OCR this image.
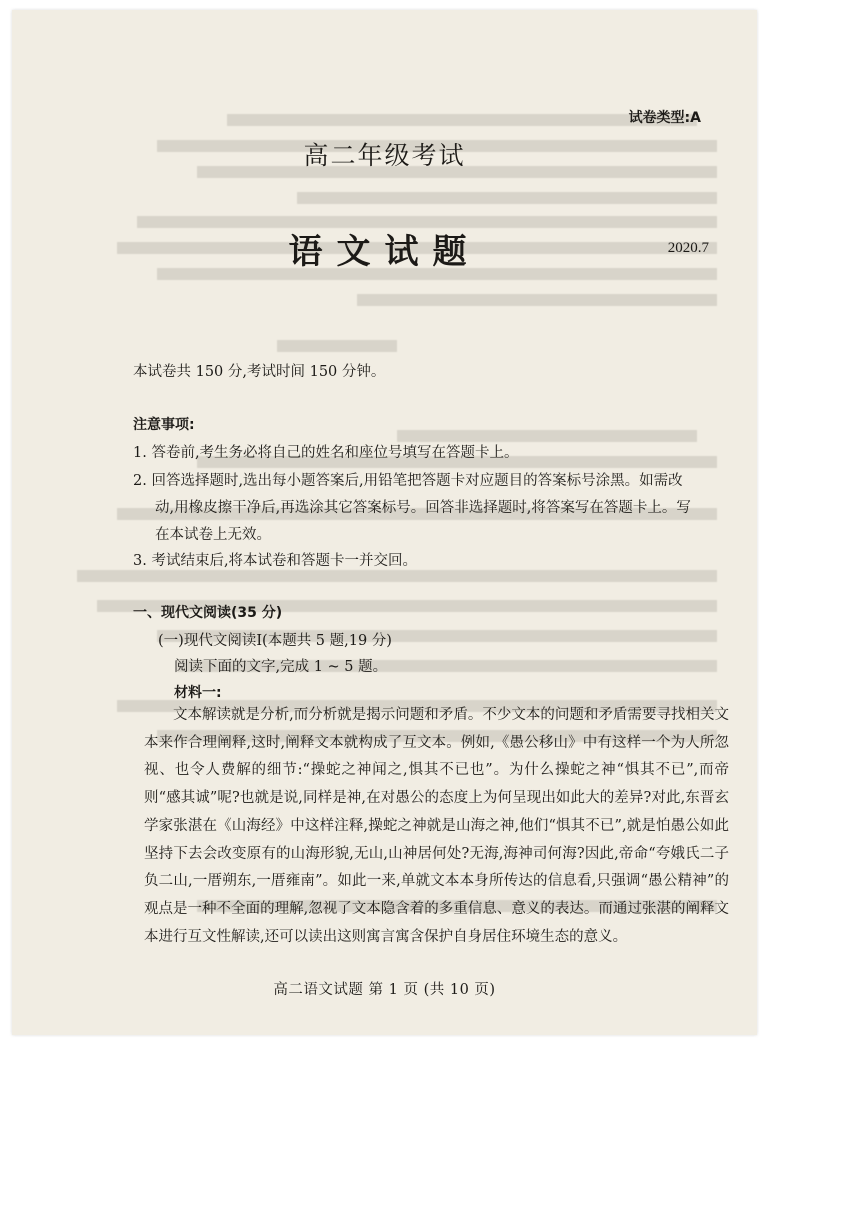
试卷类型:A
高二年级考试
语文试题	2020.7
本试卷共 150 分,考试时间 150 分钟。
注意事项:
1. 答卷前,考生务必将自己的姓名和座位号填写在答题卡上。
2. 回答选择题时,选出每小题答案后,用铅笔把答题卡对应题目的答案标号涂黑。如需改
动,用橡皮擦干净后,再选涂其它答案标号。回答非选择题时,将答案写在答题卡上。写
在本试卷上无效。
3. 考试结束后,将本试卷和答题卡一并交回。
一、现代文阅读(35 分)
(一)现代文阅读Ⅰ(本题共 5 题,19 分)
阅读下面的文字,完成 1 ~ 5 题。
材料一:
文本解读就是分析,而分析就是揭示问题和矛盾。不少文本的问题和矛盾需要寻找相关文本来作合理阐释,这时,阐释文本就构成了互文本。例如,《愚公移山》中有这样一个为人所忽视、也令人费解的细节:“操蛇之神闻之,惧其不已也”。为什么操蛇之神“惧其不已”,而帝则“感其诚”呢?也就是说,同样是神,在对愚公的态度上为何呈现出如此大的差异?对此,东晋玄学家张湛在《山海经》中这样注释,操蛇之神就是山海之神,他们“惧其不已”,就是怕愚公如此坚持下去会改变原有的山海形貌,无山,山神居何处?无海,海神司何海?因此,帝命“夸娥氏二子负二山,一厝朔东,一厝雍南”。如此一来,单就文本本身所传达的信息看,只强调“愚公精神”的观点是一种不全面的理解,忽视了文本隐含着的多重信息、意义的表达。而通过张湛的阐释文本进行互文性解读,还可以读出这则寓言寓含保护自身居住环境生态的意义。
高二语文试题 第 1 页 (共 10 页)
